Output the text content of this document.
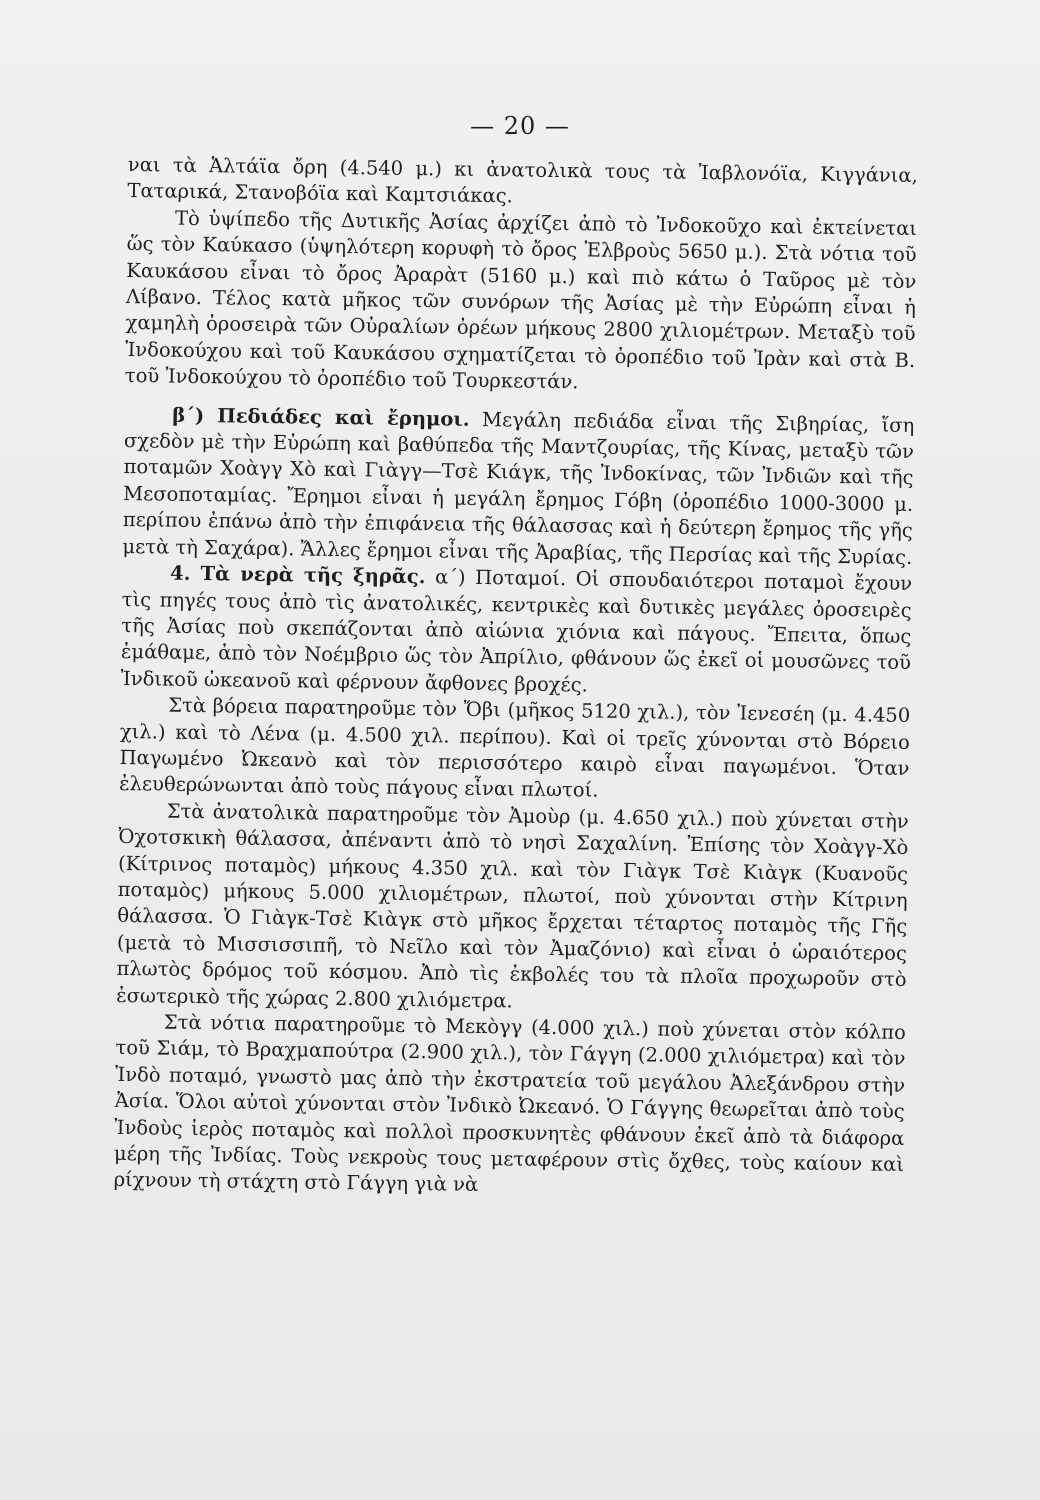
— 20 —

ναι τὰ Ἀλτάϊα ὄρη (4.540 μ.) κι ἀνατολικὰ τους τὰ Ἰαβλονόϊα, Κιγγάνια, Ταταρικά, Στανοβόϊα καὶ Καμτσιάκας.

Τὸ ὑψίπεδο τῆς Δυτικῆς Ἀσίας ἀρχίζει ἀπὸ τὸ Ἰνδοκοῦχο καὶ ἐκτείνεται ὥς τὸν Καύκασο (ὑψηλότερη κορυφὴ τὸ ὄρος Ἐλβροὺς 5650 μ.). Στὰ νότια τοῦ Καυκάσου εἶναι τὸ ὄρος Ἀραρὰτ (5160 μ.) καὶ πιὸ κάτω ὁ Ταῦρος μὲ τὸν Λίβανο. Τέλος κατὰ μῆκος τῶν συνόρων τῆς Ἀσίας μὲ τὴν Εὐρώπη εἶναι ἡ χαμηλὴ ὀροσειρὰ τῶν Οὐραλίων ὀρέων μήκους 2800 χιλιομέτρων. Μεταξὺ τοῦ Ἰνδοκούχου καὶ τοῦ Καυκάσου σχηματίζεται τὸ ὀροπέδιο τοῦ Ἰρὰν καὶ στὰ Β. τοῦ Ἰνδοκούχου τὸ ὀροπέδιο τοῦ Τουρκεστάν.

β΄) Πεδιάδες καὶ ἔρημοι. Μεγάλη πεδιάδα εἶναι τῆς Σιβηρίας, ἴση σχεδὸν μὲ τὴν Εὐρώπη καὶ βαθύπεδα τῆς Μαντζουρίας, τῆς Κίνας, μεταξὺ τῶν ποταμῶν Χοὰγγ Χὸ καὶ Γιὰγγ—Τσὲ Κιάγκ, τῆς Ἰνδοκίνας, τῶν Ἰνδιῶν καὶ τῆς Μεσοποταμίας. Ἔρημοι εἶναι ἡ μεγάλη ἔρημος Γόβη (ὀροπέδιο 1000-3000 μ. περίπου ἐπάνω ἀπὸ τὴν ἐπιφάνεια τῆς θάλασσας καὶ ἡ δεύτερη ἔρημος τῆς γῆς μετὰ τὴ Σαχάρα). Ἄλλες ἔρημοι εἶναι τῆς Ἀραβίας, τῆς Περσίας καὶ τῆς Συρίας.

4. Τὰ νερὰ τῆς ξηρᾶς. α΄) Ποταμοί. Οἱ σπουδαιότεροι ποταμοὶ ἔχουν τὶς πηγές τους ἀπὸ τὶς ἀνατολικές, κεντρικὲς καὶ δυτικὲς μεγάλες ὀροσειρὲς τῆς Ἀσίας ποὺ σκεπάζονται ἀπὸ αἰώνια χιόνια καὶ πάγους. Ἔπειτα, ὅπως ἐμάθαμε, ἀπὸ τὸν Νοέμβριο ὥς τὸν Ἀπρίλιο, φθάνουν ὥς ἐκεῖ οἱ μουσῶνες τοῦ Ἰνδικοῦ ὠκεανοῦ καὶ φέρνουν ἄφθονες βροχές.

Στὰ βόρεια παρατηροῦμε τὸν Ὄβι (μῆκος 5120 χιλ.), τὸν Ἰενεσέη (μ. 4.450 χιλ.) καὶ τὸ Λένα (μ. 4.500 χιλ. περίπου). Καὶ οἱ τρεῖς χύνονται στὸ Βόρειο Παγωμένο Ὠκεανὸ καὶ τὸν περισσότερο καιρὸ εἶναι παγωμένοι. Ὅταν ἐλευθερώνωνται ἀπὸ τοὺς πάγους εἶναι πλωτοί.

Στὰ ἀνατολικὰ παρατηροῦμε τὸν Ἀμοὺρ (μ. 4.650 χιλ.) ποὺ χύνεται στὴν Ὀχοτσκικὴ θάλασσα, ἀπέναντι ἀπὸ τὸ νησὶ Σαχαλίνη. Ἐπίσης τὸν Χοὰγγ-Χὸ (Κίτρινος ποταμὸς) μήκους 4.350 χιλ. καὶ τὸν Γιὰγκ Τσὲ Κιὰγκ (Κυανοῦς ποταμὸς) μήκους 5.000 χιλιομέτρων, πλωτοί, ποὺ χύνονται στὴν Κίτρινη θάλασσα. Ὁ Γιὰγκ-Τσὲ Κιὰγκ στὸ μῆκος ἔρχεται τέταρτος ποταμὸς τῆς Γῆς (μετὰ τὸ Μισσισσιπῆ, τὸ Νεῖλο καὶ τὸν Ἀμαζόνιο) καὶ εἶναι ὁ ὡραιότερος πλωτὸς δρόμος τοῦ κόσμου. Ἀπὸ τὶς ἐκβολές του τὰ πλοῖα προχωροῦν στὸ ἐσωτερικὸ τῆς χώρας 2.800 χιλιόμετρα.

Στὰ νότια παρατηροῦμε τὸ Μεκὸγγ (4.000 χιλ.) ποὺ χύνεται στὸν κόλπο τοῦ Σιάμ, τὸ Βραχμαπούτρα (2.900 χιλ.), τὸν Γάγγη (2.000 χιλιόμετρα) καὶ τὸν Ἰνδὸ ποταμό, γνωστὸ μας ἀπὸ τὴν ἐκστρατεία τοῦ μεγάλου Ἀλεξάνδρου στὴν Ἀσία. Ὅλοι αὐτοὶ χύνονται στὸν Ἰνδικὸ Ὠκεανό. Ὁ Γάγγης θεωρεῖται ἀπὸ τοὺς Ἰνδοὺς ἱερὸς ποταμὸς καὶ πολλοὶ προσκυνητὲς φθάνουν ἐκεῖ ἀπὸ τὰ διάφορα μέρη τῆς Ἰνδίας. Τοὺς νεκροὺς τους μεταφέρουν στὶς ὄχθες, τοὺς καίουν καὶ ρίχνουν τὴ στάχτη στὸ Γάγγη γιὰ νὰ
